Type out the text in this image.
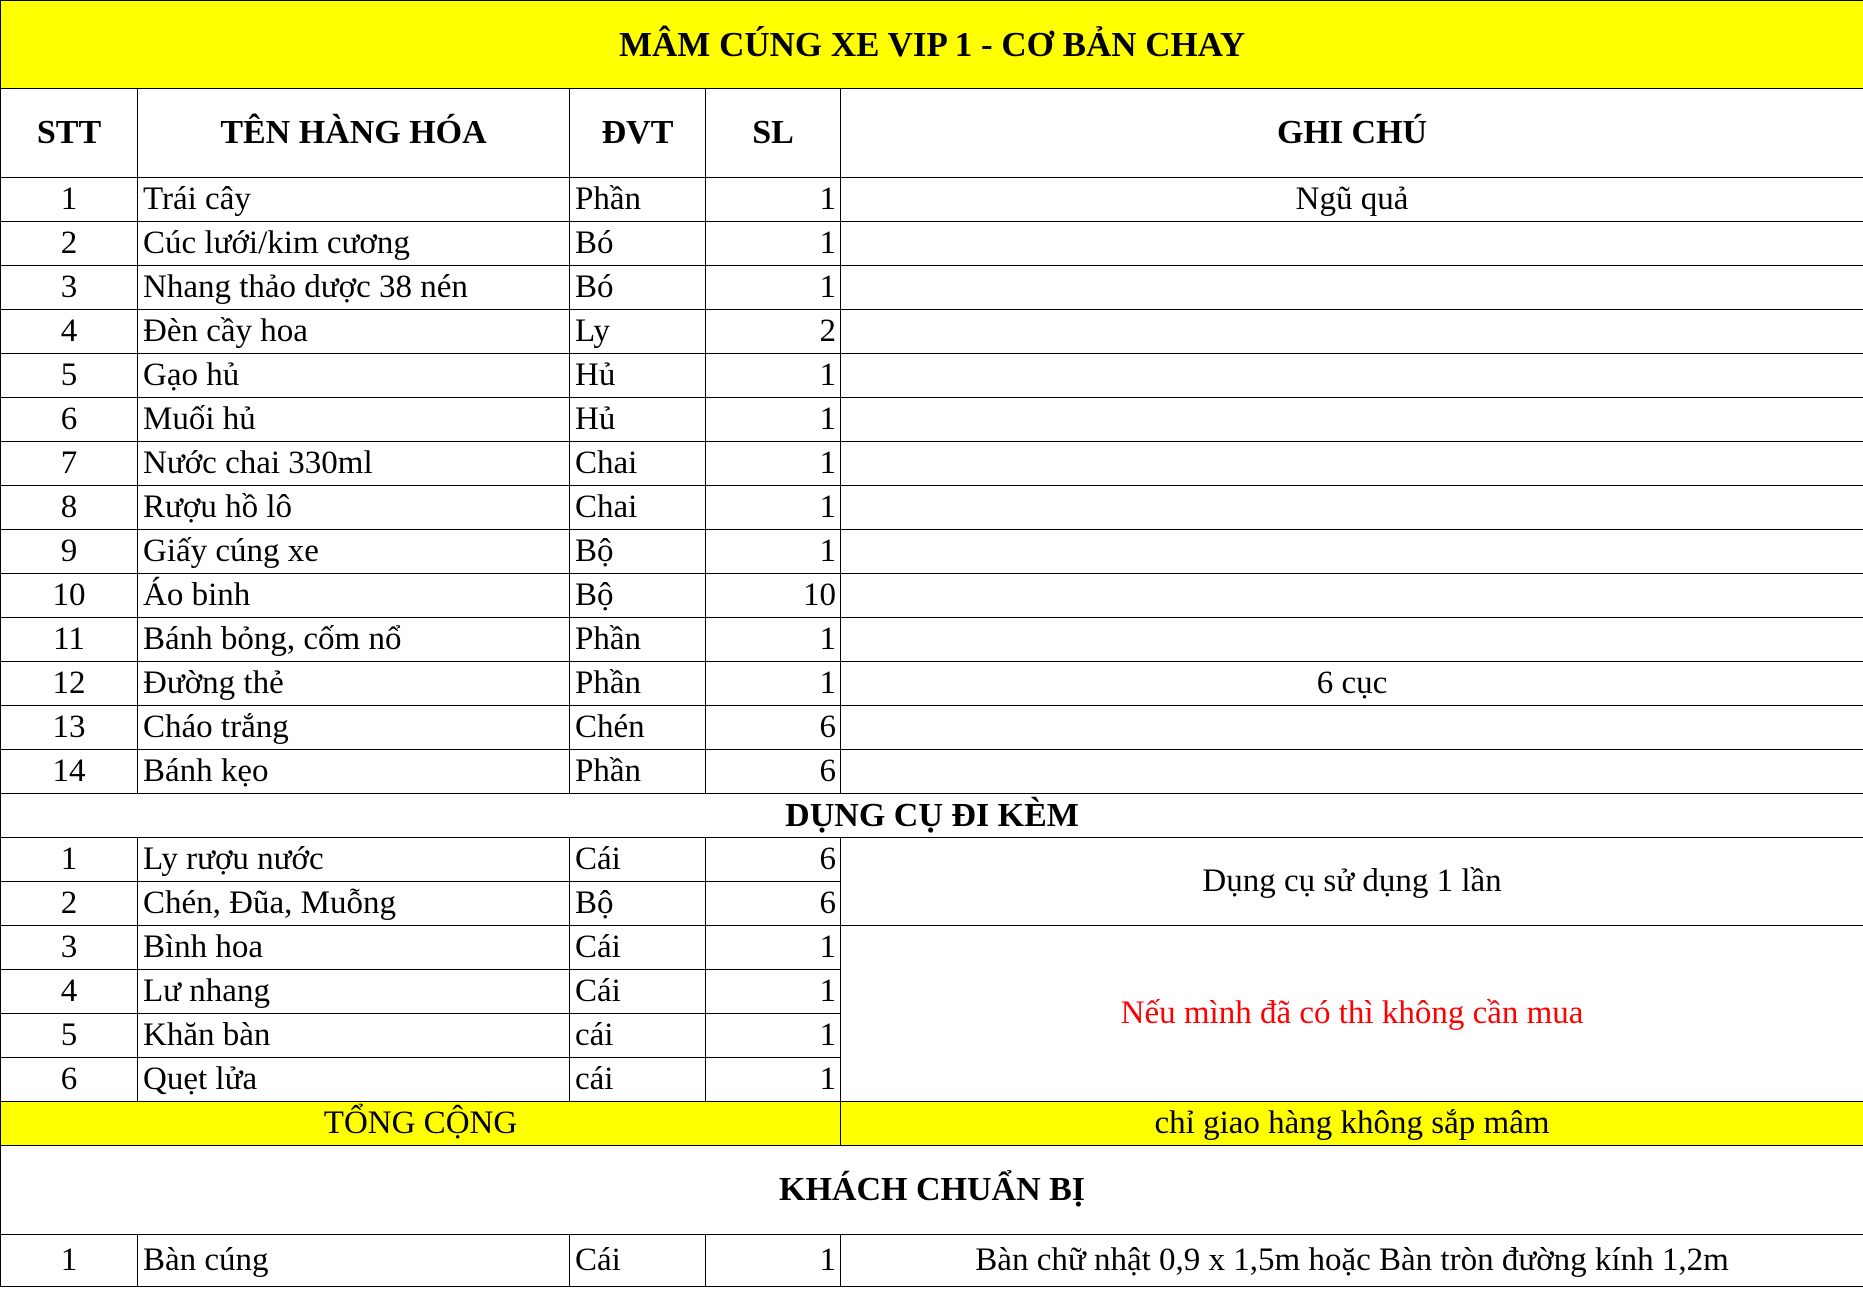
MÂM CÚNG XE VIP 1 - CƠ BẢN CHAY				
STT	TÊN HÀNG HÓA	ĐVT	SL	GHI CHÚ
1	Trái cây	Phần	1	Ngũ quả
2	Cúc lưới/kim cương	Bó	1	
3	Nhang thảo dược 38 nén	Bó	1	
4	Đèn cầy hoa	Ly	2	
5	Gạo hủ	Hủ	1	
6	Muối hủ	Hủ	1	
7	Nước chai 330ml	Chai	1	
8	Rượu hồ lô	Chai	1	
9	Giấy cúng xe	Bộ	1	
10	Áo binh	Bộ	10	
11	Bánh bỏng, cốm nổ	Phần	1	
12	Đường thẻ	Phần	1	6 cục
13	Cháo trắng	Chén	6	
14	Bánh kẹo	Phần	6	
DỤNG CỤ ĐI KÈM				
1	Ly rượu nước	Cái	6	Dụng cụ sử dụng 1 lần
2	Chén, Đũa, Muỗng	Bộ	6	
3	Bình hoa	Cái	1	Nếu mình đã có thì không cần mua
4	Lư nhang	Cái	1	
5	Khăn bàn	cái	1	
6	Quẹt lửa	cái	1	
TỔNG CỘNG				chỉ giao hàng không sắp mâm
KHÁCH CHUẨN BỊ				
1	Bàn cúng	Cái	1	Bàn chữ nhật 0,9 x 1,5m hoặc Bàn tròn đường kính 1,2m
